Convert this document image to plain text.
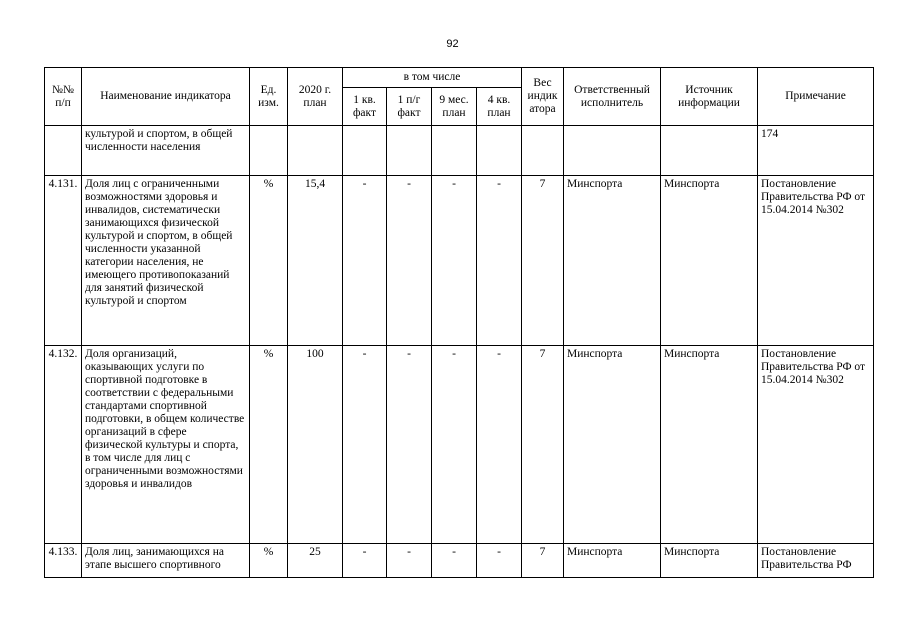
92
№№ п/п	Наименование индикатора	Ед. изм.	2020 г. план	в том числе				Вес индик атора	Ответственный исполнитель	Источник информации	Примечание
				1 кв. факт	1 п/г факт	9 мес. план	4 кв. план				
	культурой и спортом, в общей численности населения										174
4.131.	Доля лиц с ограниченными возможностями здоровья и инвалидов, систематически занимающихся физической культурой и спортом, в общей численности указанной категории населения, не имеющего противопоказаний для занятий физической культурой и спортом	%	15,4	-	-	-	-	7	Минспорта	Минспорта	Постановление Правительства РФ от 15.04.2014 №302
4.132.	Доля организаций, оказывающих услуги по спортивной подготовке в соответствии с федеральными стандартами спортивной подготовки, в общем количестве организаций в сфере физической культуры и спорта, в том числе для лиц с ограниченными возможностями здоровья и инвалидов	%	100	-	-	-	-	7	Минспорта	Минспорта	Постановление Правительства РФ от 15.04.2014 №302
4.133.	Доля лиц, занимающихся на этапе высшего спортивного	%	25	-	-	-	-	7	Минспорта	Минспорта	Постановление Правительства РФ
